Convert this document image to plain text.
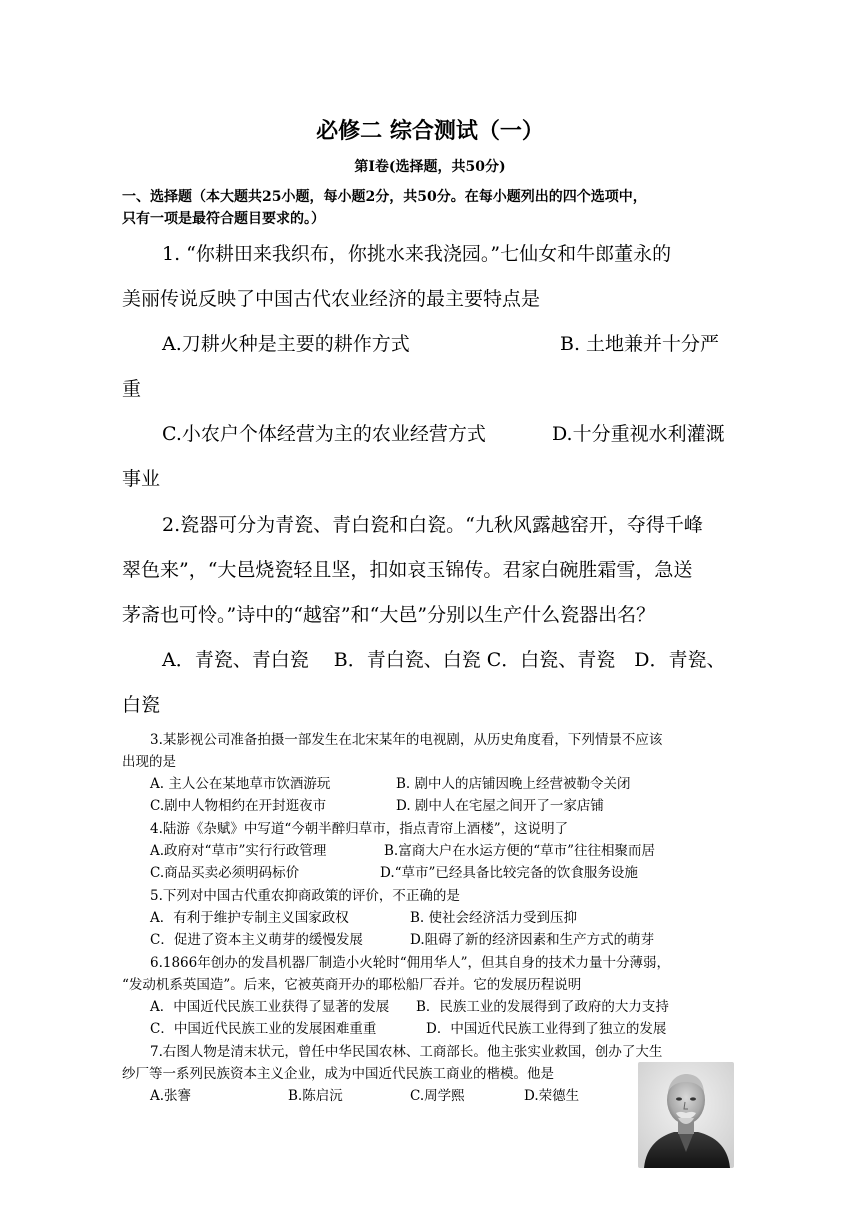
必修二 综合测试（一）
第Ⅰ卷(选择题，共50分)
一、选择题（本大题共25小题，每小题2分，共50分。在每小题列出的四个选项中，
只有一项是最符合题目要求的。）
1. “你耕田来我织布，你挑水来我浇园。”七仙女和牛郎董永的
美丽传说反映了中国古代农业经济的最主要特点是
A.刀耕火种是主要的耕作方式	B. 土地兼并十分严
重
C.小农户个体经营为主的农业经营方式	D.十分重视水利灌溉
事业
2.瓷器可分为青瓷、青白瓷和白瓷。“九秋风露越窑开，夺得千峰
翠色来”，“大邑烧瓷轻且坚，扣如哀玉锦传。君家白碗胜霜雪，急送
茅斋也可怜。”诗中的“越窑”和“大邑”分别以生产什么瓷器出名？
A．青瓷、青白瓷　 B．青白瓷、白瓷 C．白瓷、青瓷　D．青瓷、
白瓷
3.某影视公司准备拍摄一部发生在北宋某年的电视剧，从历史角度看，下列情景不应该
出现的是
A. 主人公在某地草市饮酒游玩	B. 剧中人的店铺因晚上经营被勒令关闭
C.剧中人物相约在开封逛夜市	D. 剧中人在宅屋之间开了一家店铺
4.陆游《杂赋》中写道“今朝半醉归草市，指点青帘上酒楼”，这说明了
A.政府对“草市”实行行政管理	B.富商大户在水运方便的“草市”往往相聚而居
C.商品买卖必须明码标价	D.“草市”已经具备比较完备的饮食服务设施
5.下列对中国古代重农抑商政策的评价，不正确的是
A．有利于维护专制主义国家政权	B. 使社会经济活力受到压抑
C．促进了资本主义萌芽的缓慢发展	D.阻碍了新的经济因素和生产方式的萌芽
6.1866年创办的发昌机器厂制造小火轮时“佣用华人”，但其自身的技术力量十分薄弱，
“发动机系英国造”。后来，它被英商开办的耶松船厂吞并。它的发展历程说明
A．中国近代民族工业获得了显著的发展 B．民族工业的发展得到了政府的大力支持
C．中国近代民族工业的发展困难重重	D．中国近代民族工业得到了独立的发展
7.右图人物是清末状元，曾任中华民国农林、工商部长。他主张实业救国，创办了大生
纱厂等一系列民族资本主义企业，成为中国近代民族工商业的楷模。他是
A.张謇	B.陈启沅	C.周学熙	D.荣德生
